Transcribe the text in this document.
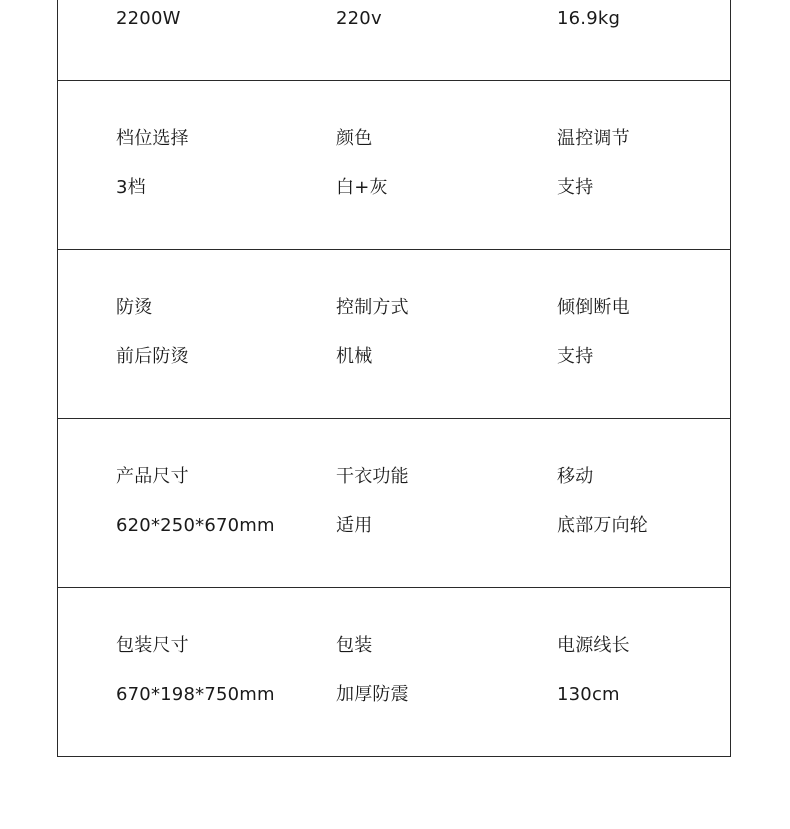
2200W	220v	16.9kg
档位选择
3档
颜色
白+灰
温控调节
支持
防烫
前后防烫
控制方式
机械
倾倒断电
支持
产品尺寸
620*250*670mm
干衣功能
适用
移动
底部万向轮
包装尺寸
670*198*750mm
包装
加厚防震
电源线长
130cm
